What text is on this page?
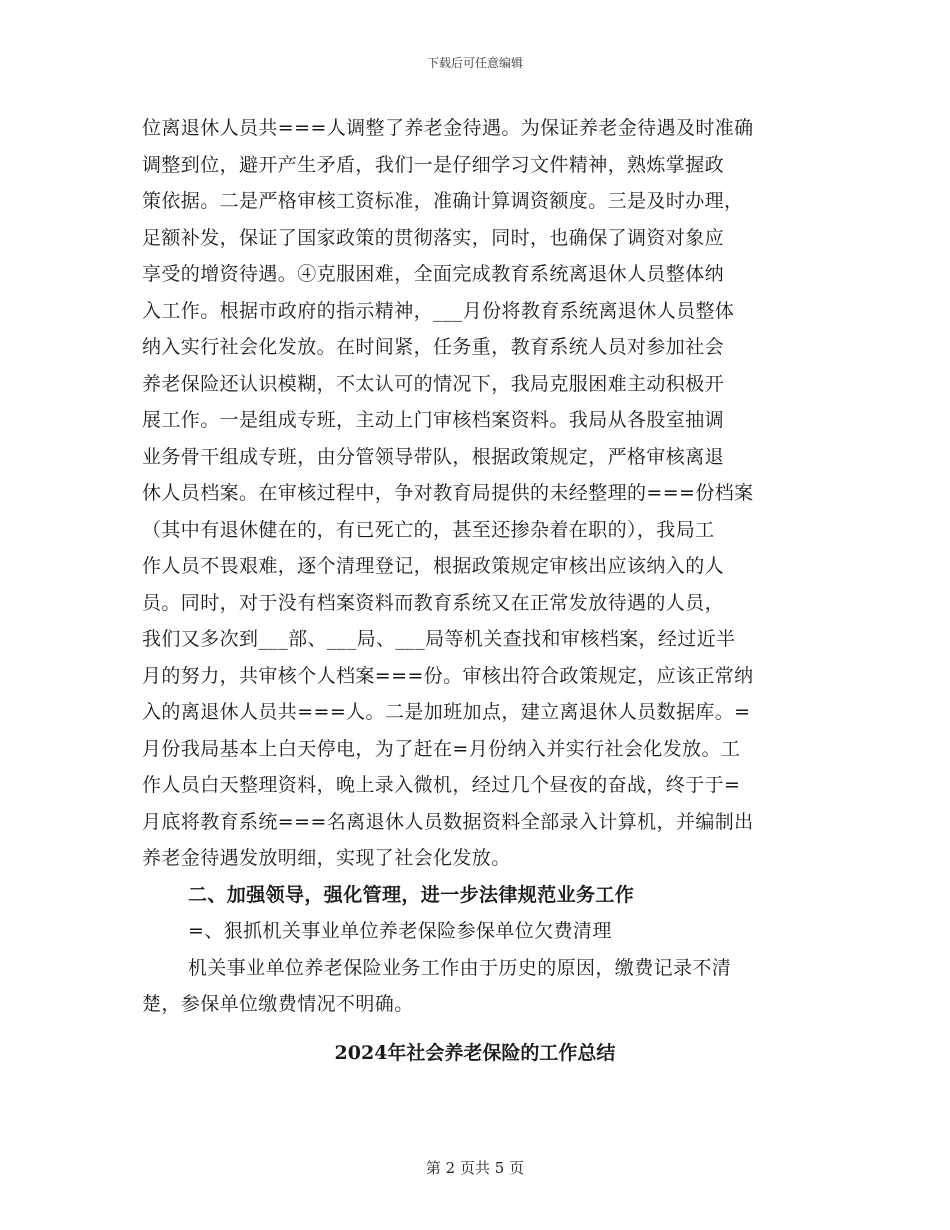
下载后可任意编辑
位离退休人员共===人调整了养老金待遇。为保证养老金待遇及时准确
调整到位，避开产生矛盾，我们一是仔细学习文件精神，熟炼掌握政
策依据。二是严格审核工资标准，准确计算调资额度。三是及时办理，
足额补发，保证了国家政策的贯彻落实，同时，也确保了调资对象应
享受的增资待遇。④克服困难，全面完成教育系统离退休人员整体纳
入工作。根据市政府的指示精神，___月份将教育系统离退休人员整体
纳入实行社会化发放。在时间紧，任务重，教育系统人员对参加社会
养老保险还认识模糊，不太认可的情况下，我局克服困难主动积极开
展工作。一是组成专班，主动上门审核档案资料。我局从各股室抽调
业务骨干组成专班，由分管领导带队，根据政策规定，严格审核离退
休人员档案。在审核过程中，争对教育局提供的未经整理的===份档案
（其中有退休健在的，有已死亡的，甚至还掺杂着在职的），我局工
作人员不畏艰难，逐个清理登记，根据政策规定审核出应该纳入的人
员。同时，对于没有档案资料而教育系统又在正常发放待遇的人员，
我们又多次到___部、___局、___局等机关查找和审核档案，经过近半
月的努力，共审核个人档案===份。审核出符合政策规定，应该正常纳
入的离退休人员共===人。二是加班加点，建立离退休人员数据库。=
月份我局基本上白天停电，为了赶在=月份纳入并实行社会化发放。工
作人员白天整理资料，晚上录入微机，经过几个昼夜的奋战，终于于=
月底将教育系统===名离退休人员数据资料全部录入计算机，并编制出
养老金待遇发放明细，实现了社会化发放。
二、加强领导，强化管理，进一步法律规范业务工作
=、狠抓机关事业单位养老保险参保单位欠费清理
机关事业单位养老保险业务工作由于历史的原因，缴费记录不清
楚，参保单位缴费情况不明确。
2024年社会养老保险的工作总结
第 2 页共 5 页
